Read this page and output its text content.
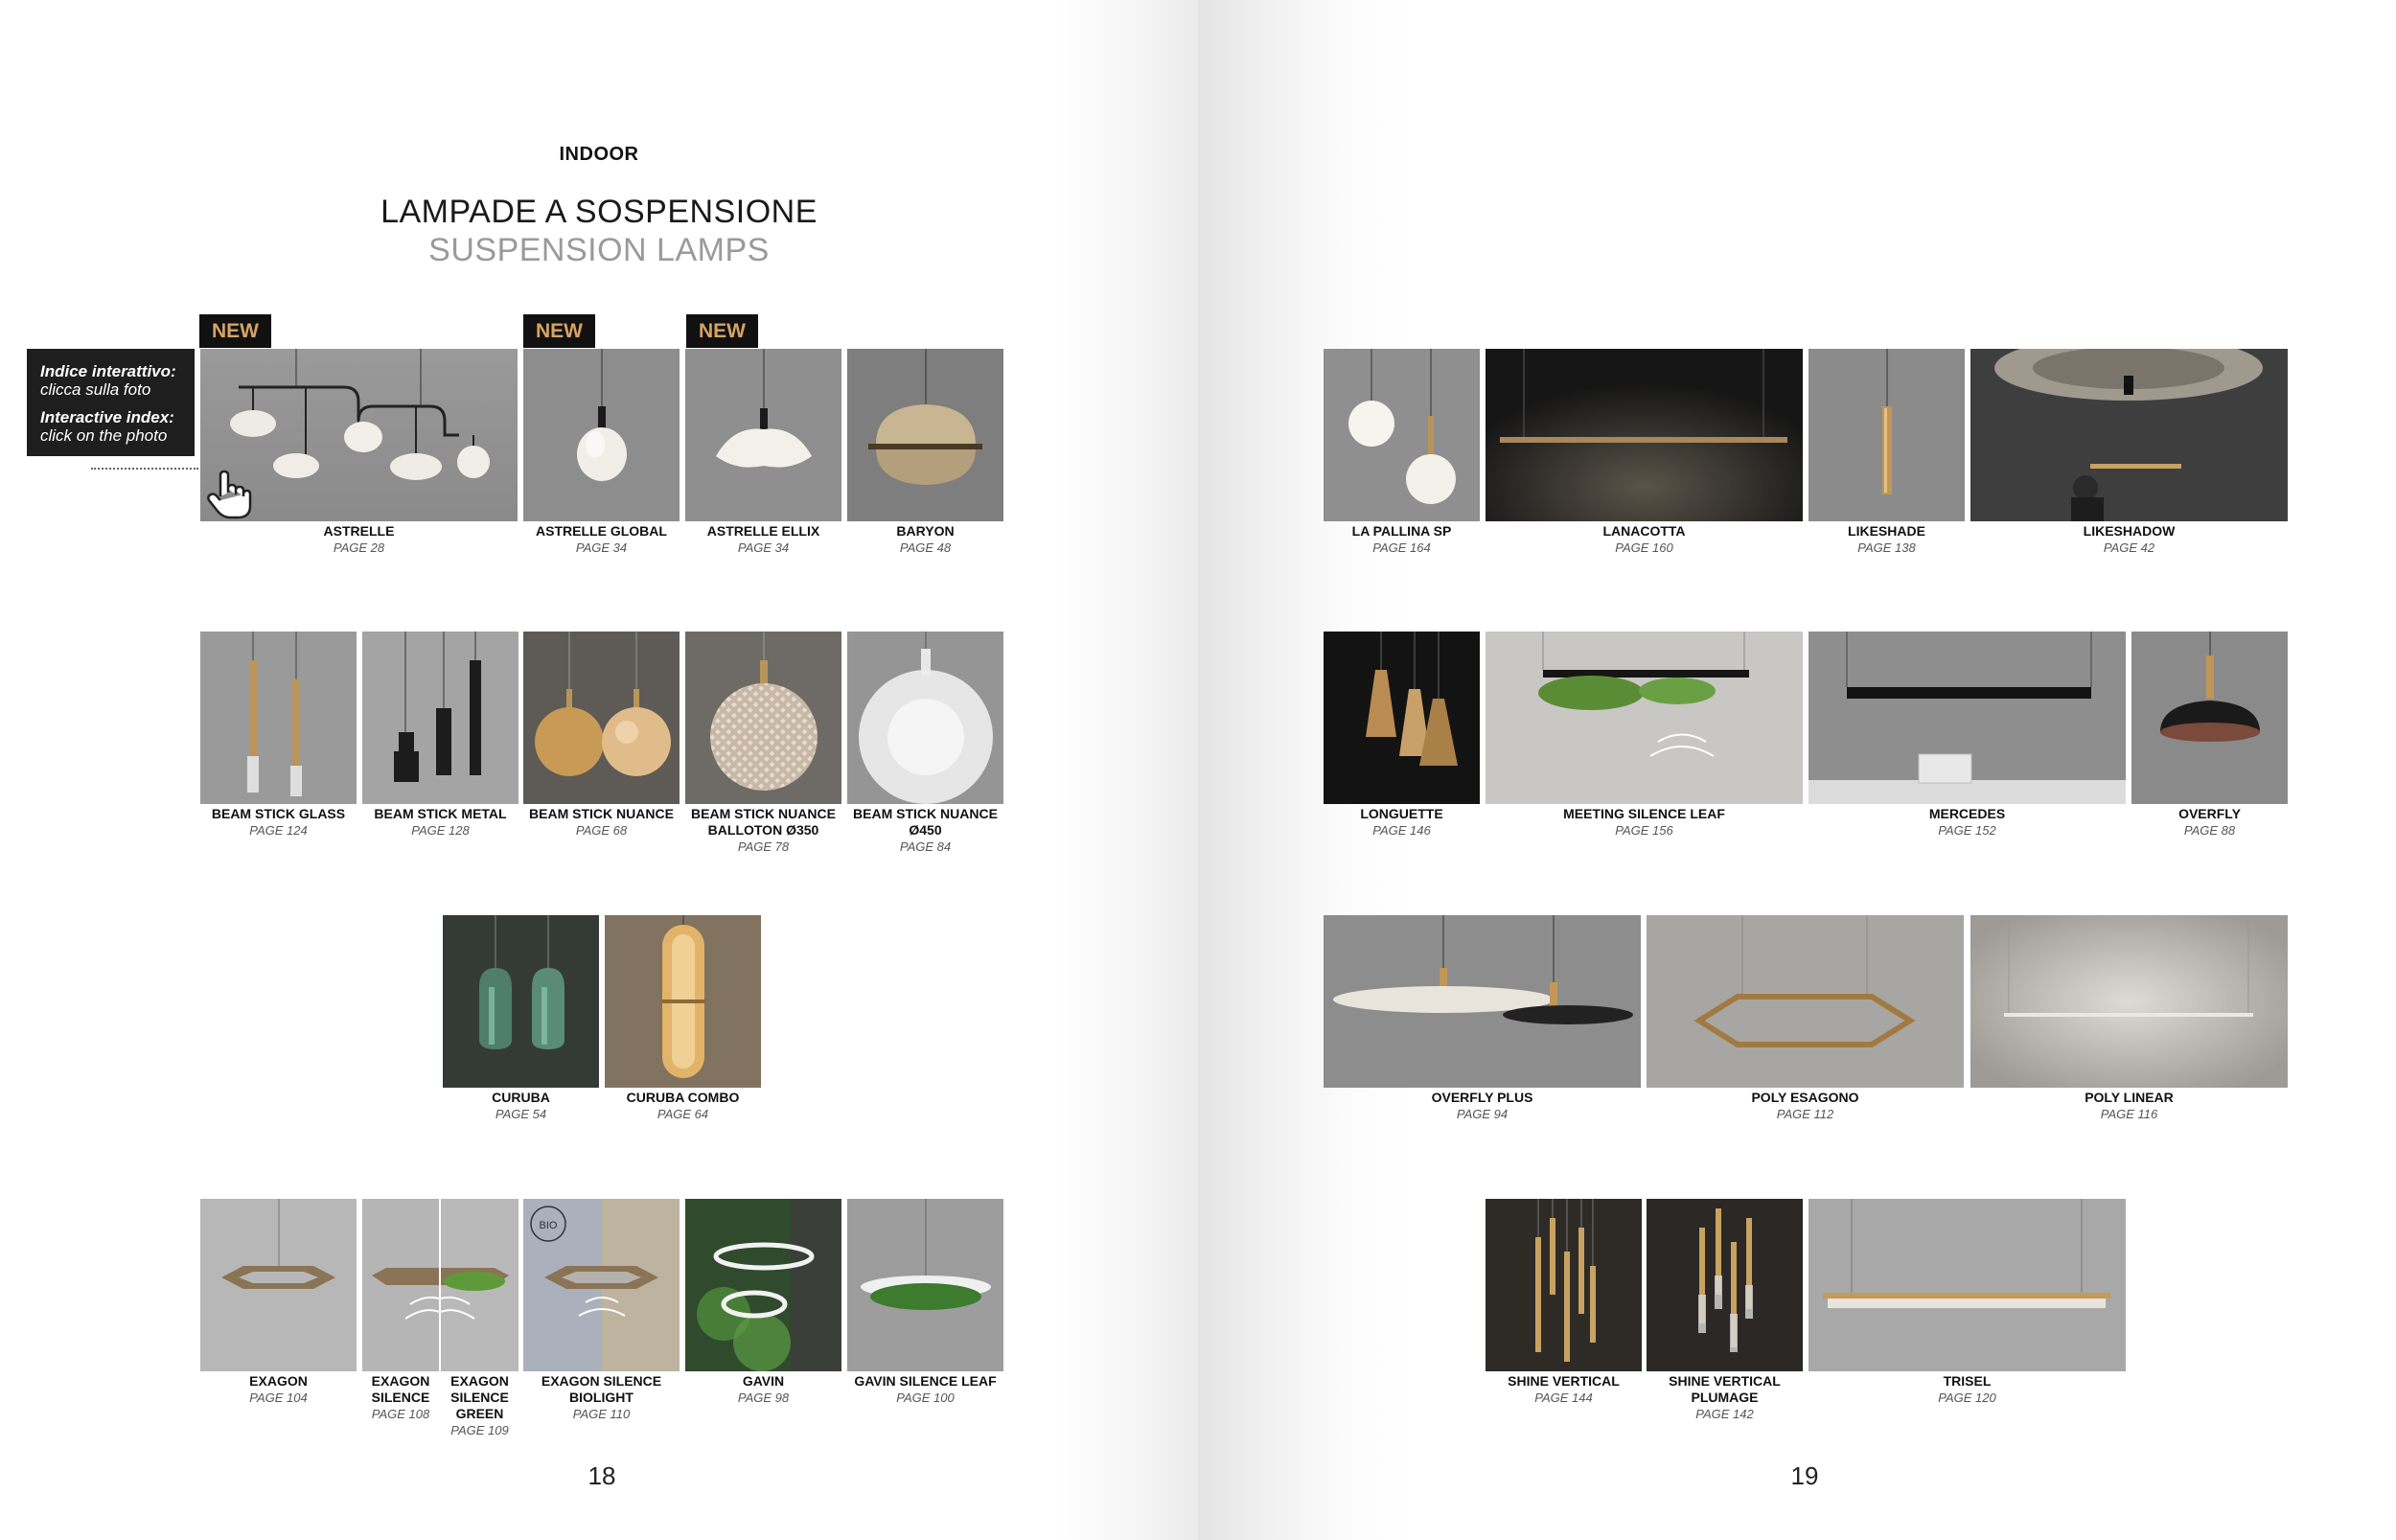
INDOOR
LAMPADE A SOSPENSIONE
SUSPENSION LAMPS
Indice interattivo:
clicca sulla foto
Interactive index:
click on the photo
NEW	NEW	NEW
ASTRELLE
PAGE 28
ASTRELLE GLOBAL
PAGE 34
ASTRELLE ELLIX
PAGE 34
BARYON
PAGE 48
BEAM STICK GLASS
PAGE 124
BEAM STICK METAL
PAGE 128
BEAM STICK NUANCE
PAGE 68
BEAM STICK NUANCE BALLOTON Ø350
PAGE 78
BEAM STICK NUANCE Ø450
PAGE 84
CURUBA
PAGE 54
CURUBA COMBO
PAGE 64
EXAGON
PAGE 104
EXAGON SILENCE
PAGE 108
EXAGON SILENCE GREEN
PAGE 109
BIO
EXAGON SILENCE BIOLIGHT
PAGE 110
GAVIN
PAGE 98
GAVIN SILENCE LEAF
PAGE 100
LA PALLINA SP
PAGE 164
LANACOTTA
PAGE 160
LIKESHADE
PAGE 138
LIKESHADOW
PAGE 42
LONGUETTE
PAGE 146
MEETING SILENCE LEAF
PAGE 156
MERCEDES
PAGE 152
OVERFLY
PAGE 88
OVERFLY PLUS
PAGE 94
POLY ESAGONO
PAGE 112
POLY LINEAR
PAGE 116
SHINE VERTICAL
PAGE 144
SHINE VERTICAL PLUMAGE
PAGE 142
TRISEL
PAGE 120
18	19
